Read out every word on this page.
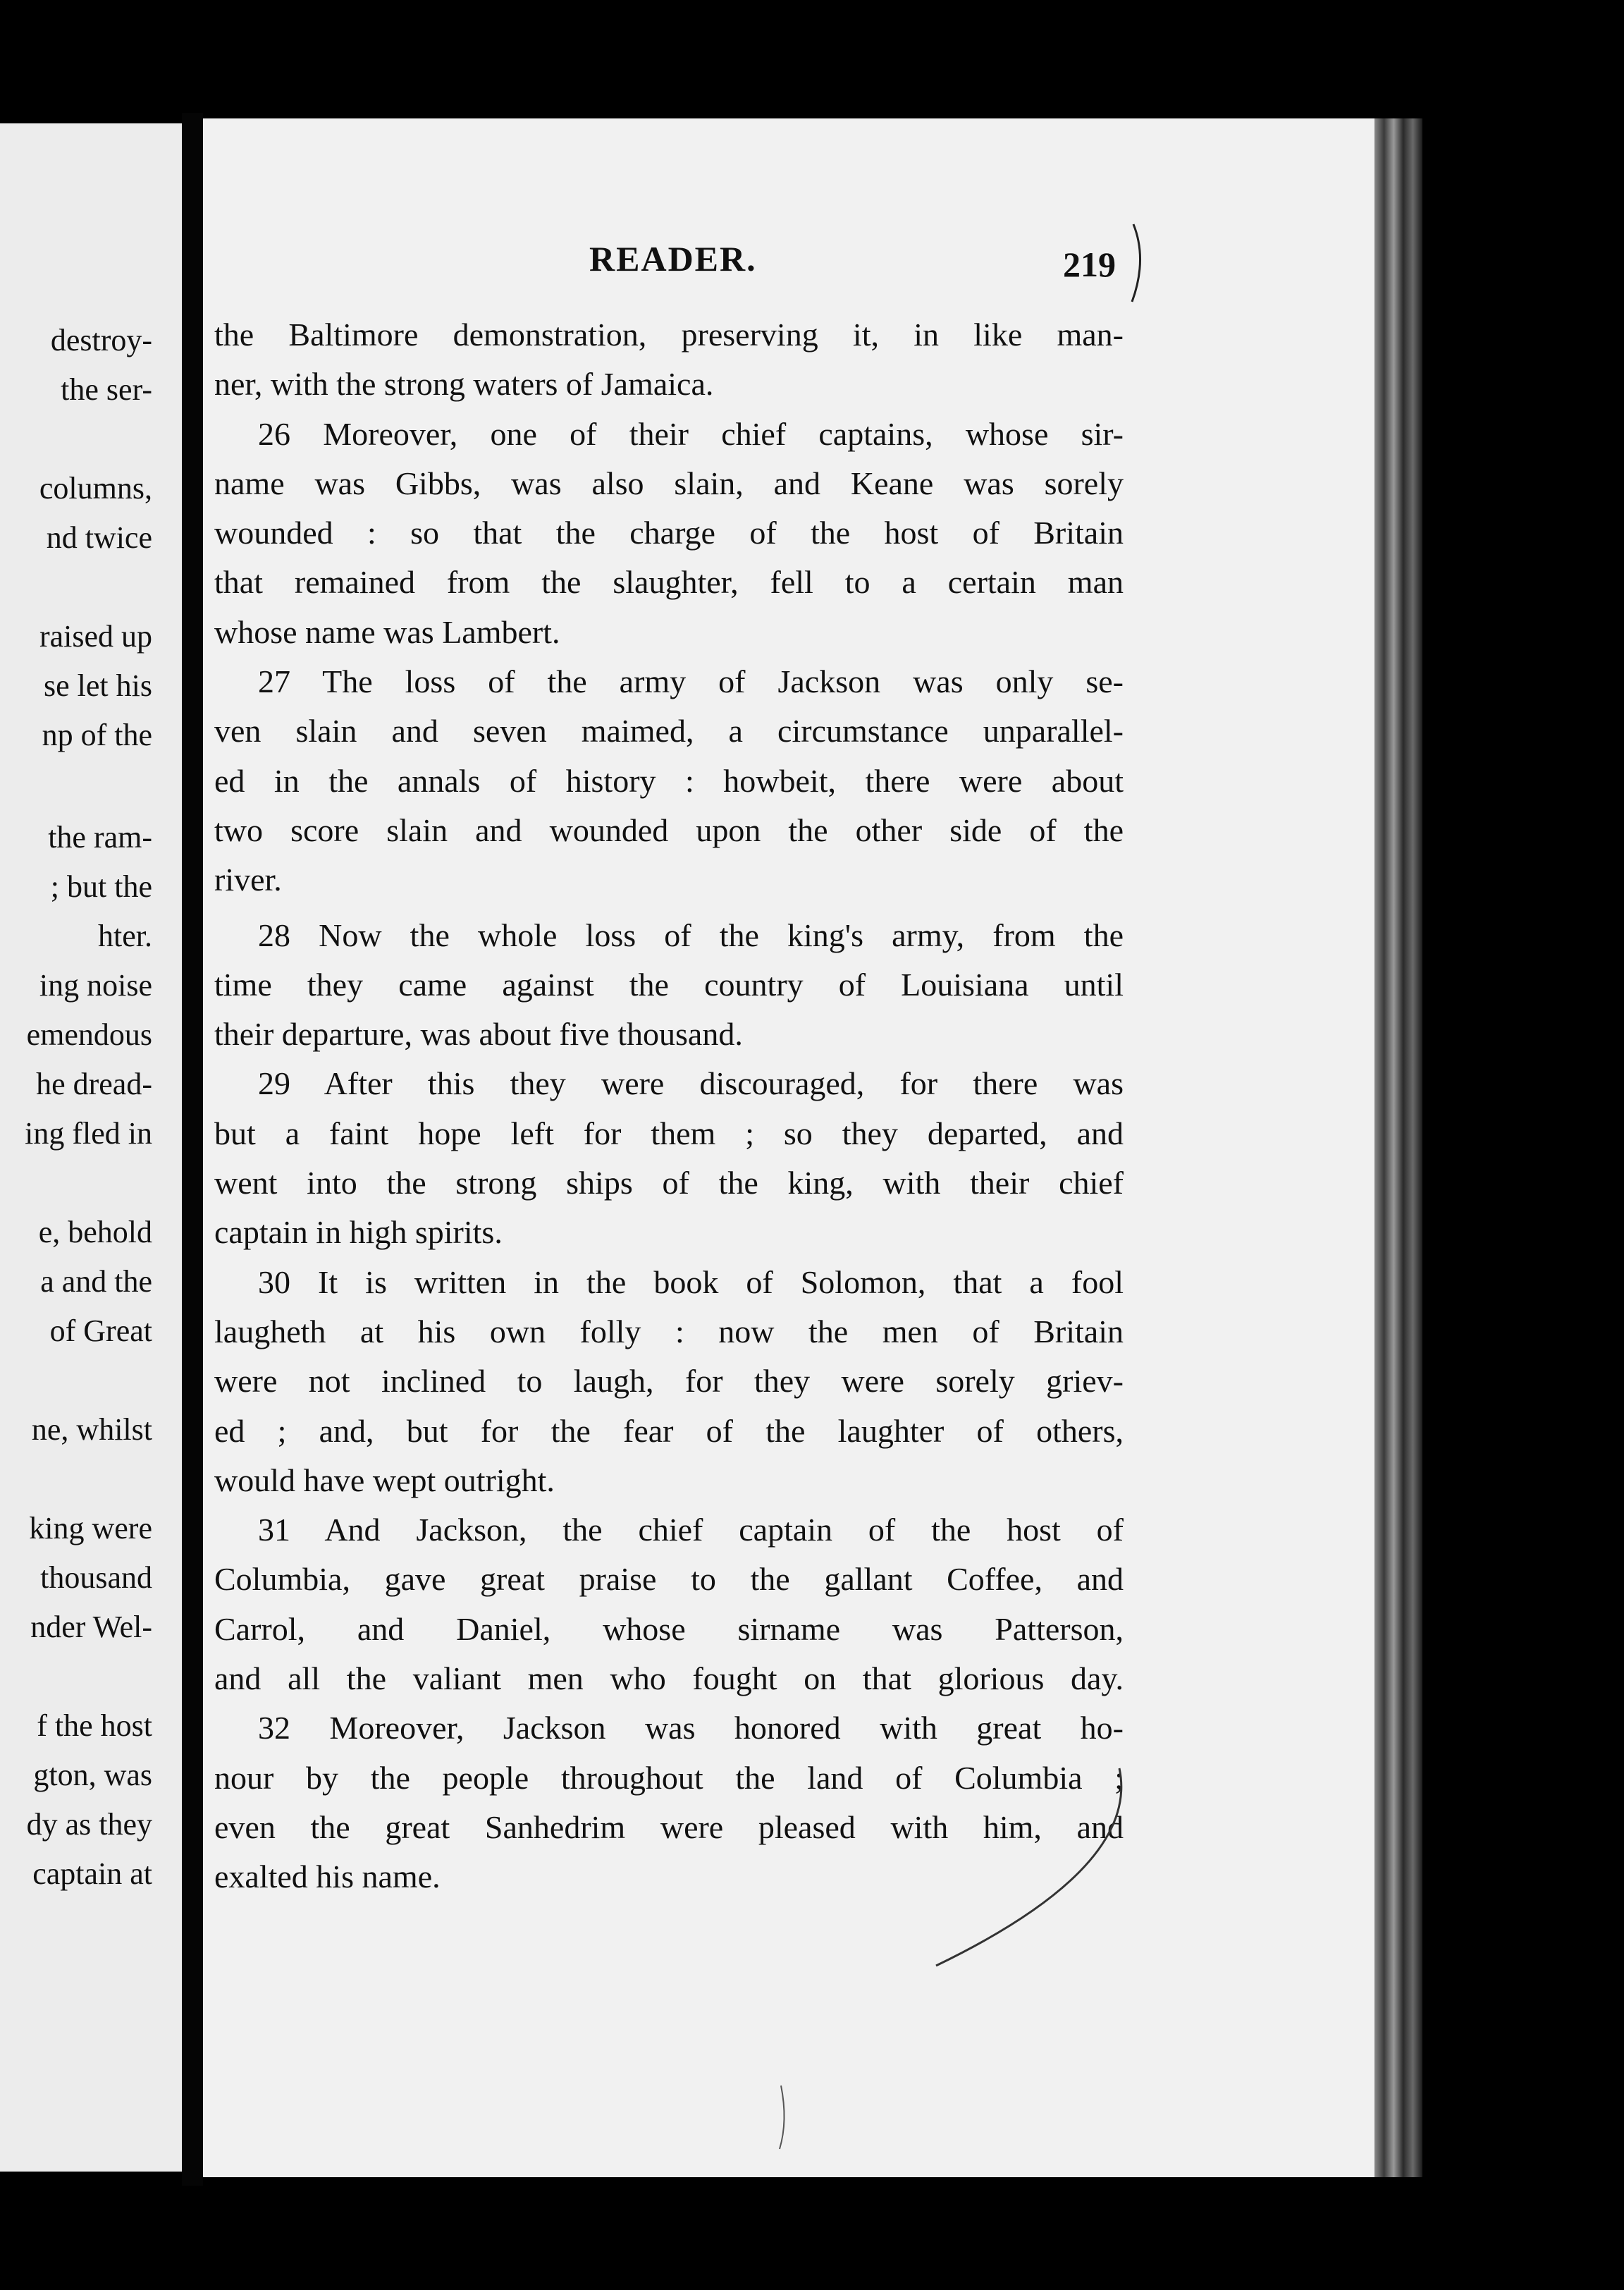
destroy-
the ser-
columns,
nd twice
raised up
se let his
np of the
the ram-
; but the
hter.
ing noise
emendous
he dread-
ing fled in
e, behold
a and the
of Great
ne, whilst
king were
thousand
nder Wel-
f the host
gton, was
dy as they
captain at
READER.	219
the Baltimore demonstration, preserving it, in like man-
ner, with the strong waters of Jamaica.
26 Moreover, one of their chief captains, whose sir-
name was Gibbs, was also slain, and Keane was sorely
wounded : so that the charge of the host of Britain
that remained from the slaughter, fell to a certain man
whose name was Lambert.
27 The loss of the army of Jackson was only se-
ven slain and seven maimed, a circumstance unparallel-
ed in the annals of history : howbeit, there were about
two score slain and wounded upon the other side of the
river.
28 Now the whole loss of the king's army, from the
time they came against the country of Louisiana until
their departure, was about five thousand.
29 After this they were discouraged, for there was
but a faint hope left for them ; so they departed, and
went into the strong ships of the king, with their chief
captain in high spirits.
30 It is written in the book of Solomon, that a fool
laugheth at his own folly : now the men of Britain
were not inclined to laugh, for they were sorely griev-
ed ; and, but for the fear of the laughter of others,
would have wept outright.
31 And Jackson, the chief captain of the host of
Columbia, gave great praise to the gallant Coffee, and
Carrol, and Daniel, whose sirname was Patterson,
and all the valiant men who fought on that glorious day.
32 Moreover, Jackson was honored with great ho-
nour by the people throughout the land of Columbia ;
even the great Sanhedrim were pleased with him, and
exalted his name.
